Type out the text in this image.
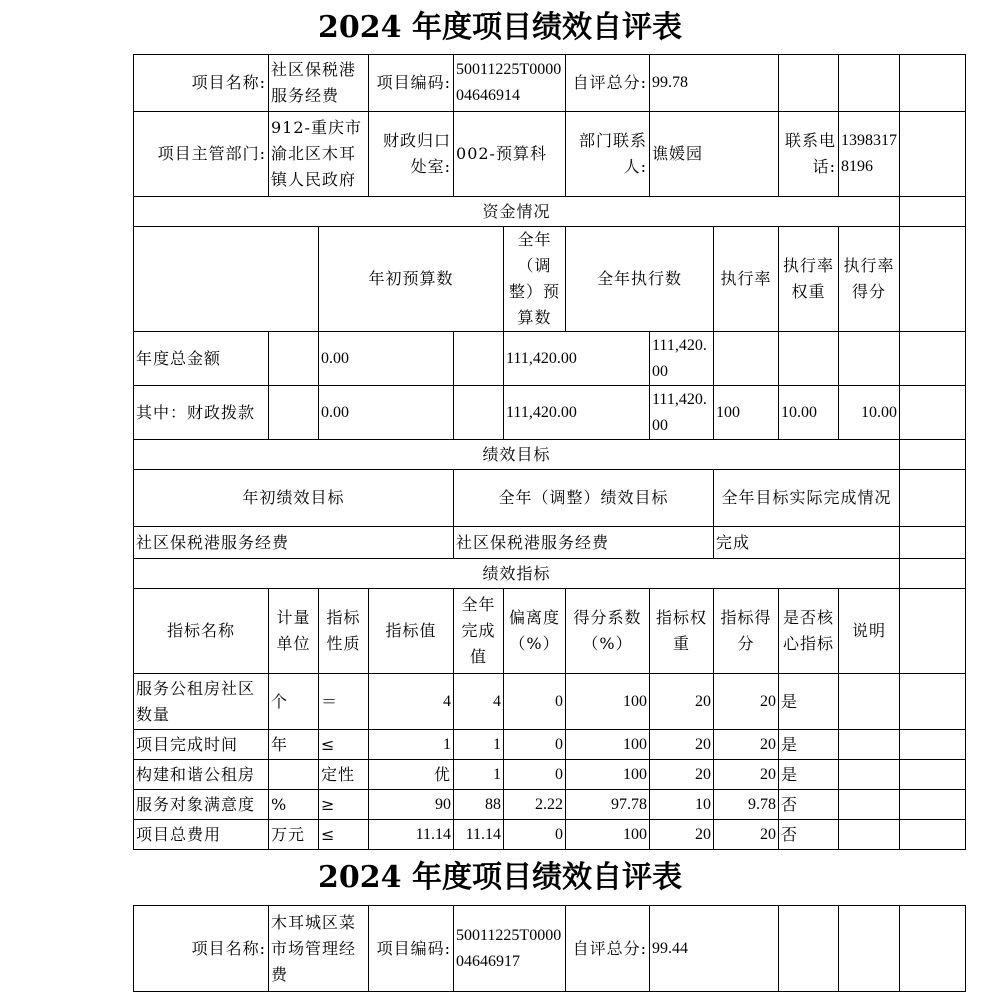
2024 年度项目绩效自评表
项目名称:	社区保税港服务经费		项目编码:	50011225T000004646914		自评总分:	99.78				
项目主管部门:	912-重庆市渝北区木耳镇人民政府		财政归口处室:	002-预算科		部门联系人:	谯媛园		联系电话:	13983178196	
资金情况											
		年初预算数			全年（调整）预算数	全年执行数		执行率	执行率权重	执行率得分	
年度总金额		0.00			111,420.00		111,420.00				
其中：财政拨款		0.00			111,420.00		111,420.00	100	10.00	10.00	
绩效目标											
年初绩效目标				全年（调整）绩效目标				全年目标实际完成情况			
社区保税港服务经费				社区保税港服务经费				完成			
绩效指标											
指标名称	计量单位	指标性质	指标值	全年完成值	偏离度（%）	得分系数（%）	指标权重	指标得分	是否核心指标	说明	
服务公租房社区数量	个	＝	4	4	0	100	20	20	是		
项目完成时间	年	≤	1	1	0	100	20	20	是		
构建和谐公租房		定性	优	1	0	100	20	20	是		
服务对象满意度	%	≥	90	88	2.22	97.78	10	9.78	否		
项目总费用	万元	≤	11.14	11.14	0	100	20	20	否		
2024 年度项目绩效自评表
项目名称:	木耳城区菜市场管理经费	项目编码:	50011225T000004646917	自评总分:	99.44			
